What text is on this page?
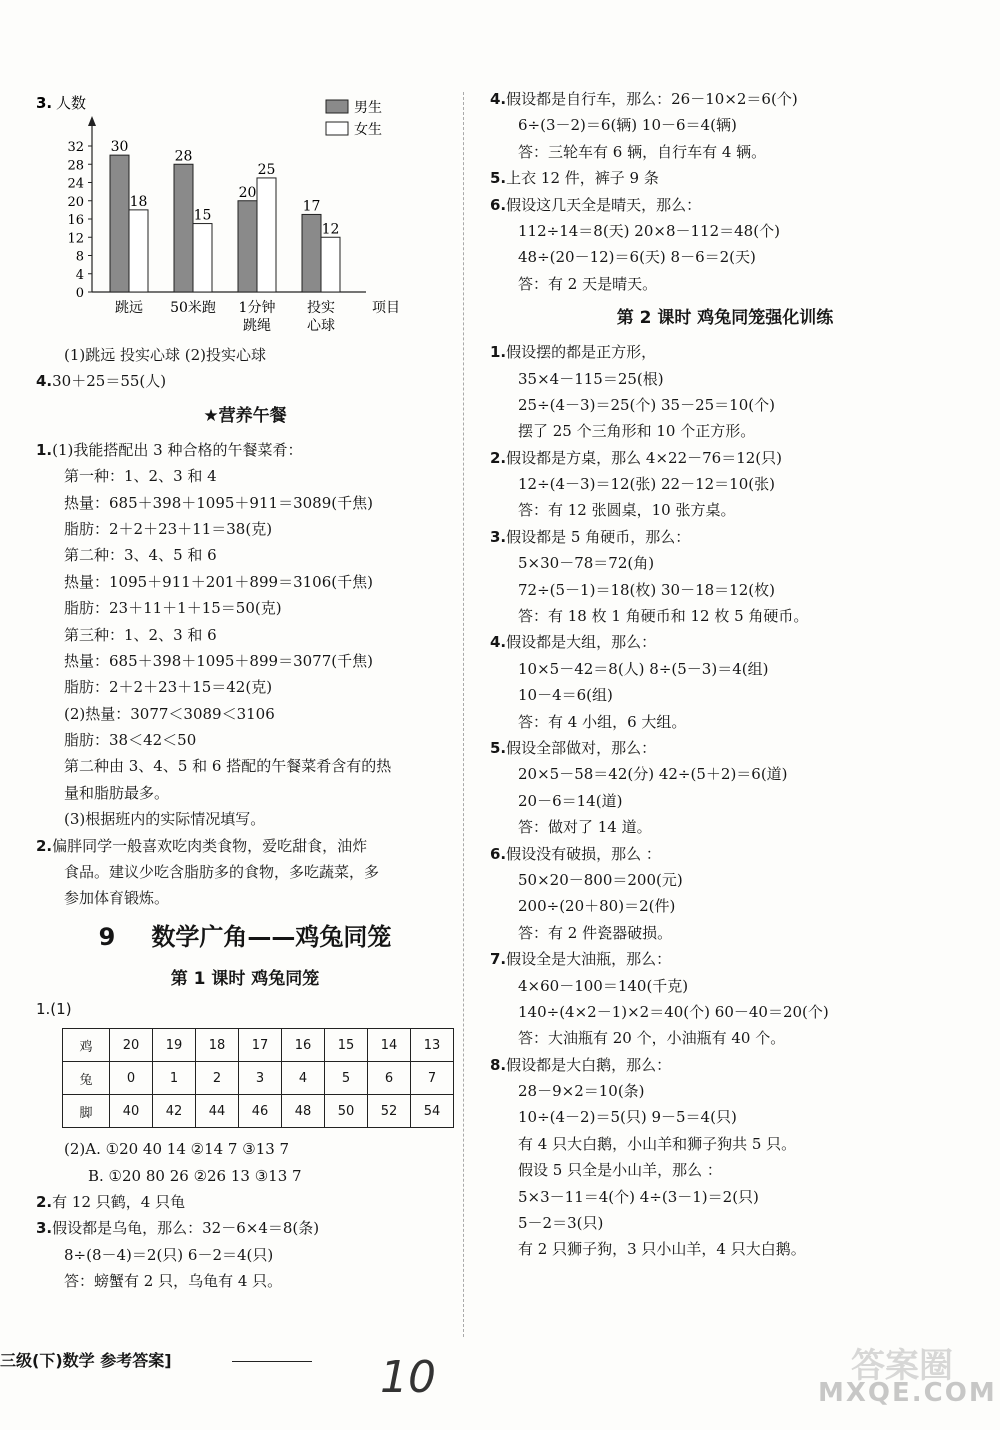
3. 人数
32
28
24
20
16
12
8
4
0
30
18
跳远
28
15
50米跑
20
25
1分钟
跳绳
17
12
投实
心球
项目
男生
女生
(1)跳远 投实心球 (2)投实心球
4.30＋25＝55(人)
★营养午餐
1.(1)我能搭配出 3 种合格的午餐菜肴：
第一种：1、2、3 和 4
热量：685＋398＋1095＋911＝3089(千焦)
脂肪：2＋2＋23＋11＝38(克)
第二种：3、4、5 和 6
热量：1095＋911＋201＋899＝3106(千焦)
脂肪：23＋11＋1＋15＝50(克)
第三种：1、2、3 和 6
热量：685＋398＋1095＋899＝3077(千焦)
脂肪：2＋2＋23＋15＝42(克)
(2)热量：3077＜3089＜3106
脂肪：38＜42＜50
第二种由 3、4、5 和 6 搭配的午餐菜肴含有的热
量和脂肪最多。
(3)根据班内的实际情况填写。
2.偏胖同学一般喜欢吃肉类食物，爱吃甜食，油炸
食品。建议少吃含脂肪多的食物，多吃蔬菜，多
参加体育锻炼。
9 数学广角——鸡兔同笼
第 1 课时 鸡兔同笼
1.(1)
鸡	20	19	18	17	16	15	14	13
兔	0	1	2	3	4	5	6	7
脚	40	42	44	46	48	50	52	54
(2)A. ①20 40 14 ②14 7 ③13 7
B. ①20 80 26 ②26 13 ③13 7
2.有 12 只鹤，4 只龟
3.假设都是乌龟，那么：32－6×4＝8(条)
8÷(8－4)＝2(只) 6－2＝4(只)
答：螃蟹有 2 只，乌龟有 4 只。
4.假设都是自行车，那么：26－10×2＝6(个)
6÷(3－2)＝6(辆) 10－6＝4(辆)
答：三轮车有 6 辆，自行车有 4 辆。
5.上衣 12 件，裤子 9 条
6.假设这几天全是晴天，那么：
112÷14＝8(天) 20×8－112＝48(个)
48÷(20－12)＝6(天) 8－6＝2(天)
答：有 2 天是晴天。
第 2 课时 鸡兔同笼强化训练
1.假设摆的都是正方形，
35×4－115＝25(根)
25÷(4－3)＝25(个) 35－25＝10(个)
摆了 25 个三角形和 10 个正方形。
2.假设都是方桌，那么 4×22－76＝12(只)
12÷(4－3)＝12(张) 22－12＝10(张)
答：有 12 张圆桌，10 张方桌。
3.假设都是 5 角硬币，那么：
5×30－78＝72(角)
72÷(5－1)＝18(枚) 30－18＝12(枚)
答：有 18 枚 1 角硬币和 12 枚 5 角硬币。
4.假设都是大组，那么：
10×5－42＝8(人) 8÷(5－3)＝4(组)
10－4＝6(组)
答：有 4 小组，6 大组。
5.假设全部做对，那么：
20×5－58＝42(分) 42÷(5＋2)＝6(道)
20－6＝14(道)
答：做对了 14 道。
6.假设没有破损，那么 ：
50×20－800＝200(元)
200÷(20＋80)＝2(件)
答：有 2 件瓷器破损。
7.假设全是大油瓶，那么：
4×60－100＝140(千克)
140÷(4×2－1)×2＝40(个) 60－40＝20(个)
答：大油瓶有 20 个，小油瓶有 40 个。
8.假设都是大白鹅，那么：
28－9×2＝10(条)
10÷(4－2)＝5(只) 9－5＝4(只)
有 4 只大白鹅，小山羊和狮子狗共 5 只。
假设 5 只全是小山羊，那么 ：
5×3－11＝4(个) 4÷(3－1)＝2(只)
5－2＝3(只)
有 2 只狮子狗，3 只小山羊，4 只大白鹅。
三级(下)数学 参考答案]	10	答案圈
MXQE.COM
